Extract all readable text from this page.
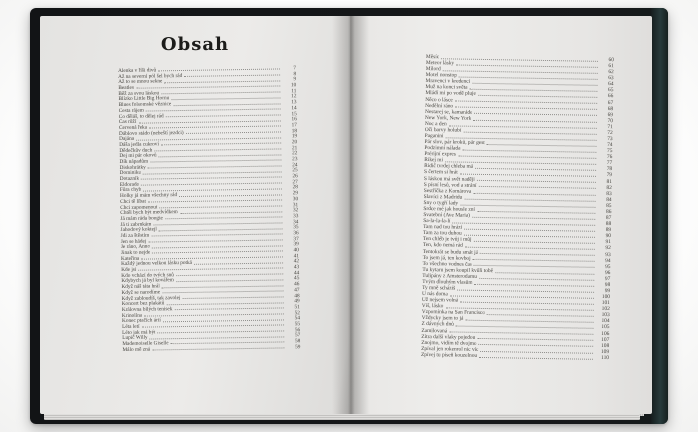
Obsah
Alenka v říši divů	7
Až na severní pól šel bych rád	8
Až to se mnou sekne	9
Beatles	10
Běž za svou láskou	11
Blízko Little Big Hornu	12
Blues folsomské věznice	13
Cesta rájem	14
Co děláš, to dělej rád	15
Čas růží	16
Červená řeka	17
Ďáblovo stádo (nebeští jezdci)	18
Dajána	19
Dáša jedla cukroví	20
Dědečkův duch	21
Dej mi pár okovů	22
Dík nápadům	23
Diskohrátky	24
Dominiku	25
Dotazník	26
Eldorado	27
Fůra chyb	28
Holky já mám všechny rád	29
Chci tě líbat	30
Chci zapomenout	31
Chtěl bych být medvídkem	32
Já mám ráda boogie	33
Já ti zabrnkám	34
Jahodový koktejl	35
Jdi za štěstím	36
Jen se hádej	37
Je ráno, Anno	39
Jinak to nejde	40
Kateřina	41
Každý jednou velkou lásku potká	42
Kde jsi	43
Kdo vchází do tvých snů	44
Kdybych já byl kovářem	45
Když náš táta hrál	46
Když se narodíme	47
Když zabloudíš, tak zavolej	48
Koncert bez plakátů	49
Královna bílých tenisek	51
Krinolína	52
Konec ptačích árií	54
Léta letí	55
Léto jak má být	56
Lupič Willy	57
Mademoiselle Giselle	58
Málo mě zná	59
Měsíc	60
Meteor lásky	61
Milord	62
Motel nonstop	63
Mravenci v kredenci	64
Muž na konci světa	65
Mládí mi po vodě pluje	66
Něco o lásce	67
Nedělní ráno	68
Nestarej se, kamaráde	69
New York, New York	70
Noc a den	71
Oči barvy holubí	72
Paganini	73
Pár slov, pár kroků, pár gest	74
Podzimní nálada	75
Prérijní expres	76
Říkej mi	77
Řidič tvrdej chleba má	78
S čertem si hrát	79
S láskou má svět naději	81
S písní lesů, vod a strání	82
Sestřička z Komárova	83
Slavíci z Madridu	84
Sny o tygří lady	85
Srdce mé jak housle zní	86
Svatební (Ave Maria)	87
Ša-la-la-la-lí	88
Tam nad tou hrází	89
Tam za tou duhou	90
Ten chléb je tvůj i můj	91
Ten, kdo nemá rád	92
Tentokrát se budu smát já	93
To jsem já, ten kovboj	94
To všechno vodnes čas	95
Tu kytaru jsem koupil kvůli tobě	96
Tulipány z Amsterodamu	97
Tvým dlouhým vlasům	98
Ty mně scházíš	99
U nás doma	100
Už nejsem volná	101
Víš, lásko	102
Vzpomínka na San Francisco	103
Vždycky jsem to já	104
Z dávných dnů	105
Zamilovaná	106
Zítra další vlaky pojedou	107
Znojmo, vidím tě dvojmo	108
Zpíval jen rokenrol nic víc	109
Zpívej tu píseň kouzelnou	110
